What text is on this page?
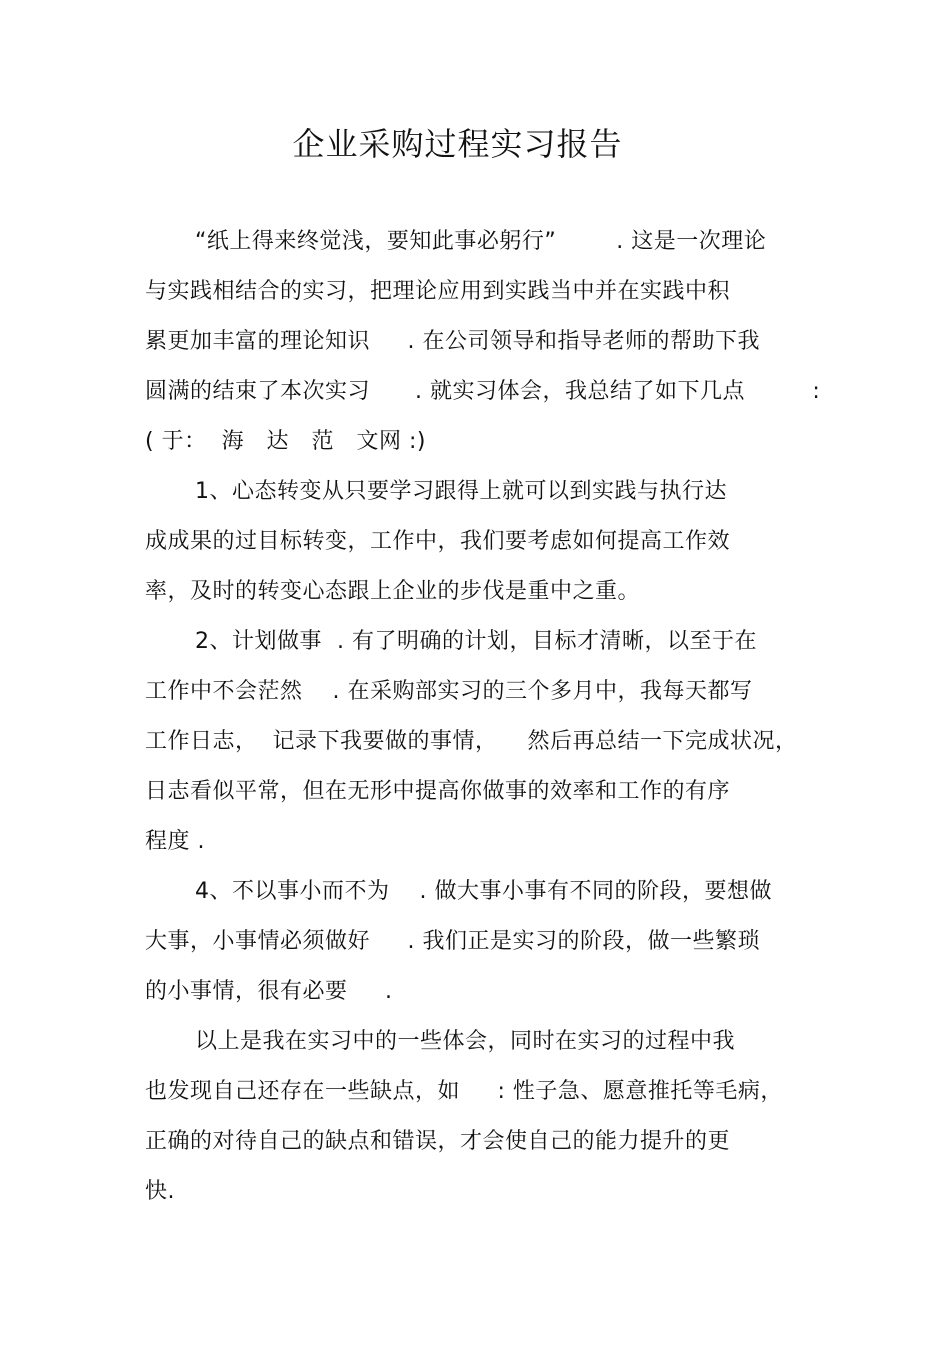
企业采购过程实习报告
“纸上得来终觉浅，要知此事必躬行”        . 这是一次理论
与实践相结合的实习，把理论应用到实践当中并在实践中积
累更加丰富的理论知识     . 在公司领导和指导老师的帮助下我
圆满的结束了本次实习      . 就实习体会，我总结了如下几点         :
( 于：  海   达   范   文网 :)
1、心态转变从只要学习跟得上就可以到实践与执行达
成成果的过目标转变，工作中，我们要考虑如何提高工作效
率，及时的转变心态跟上企业的步伐是重中之重。
2、计划做事  . 有了明确的计划，目标才清晰，以至于在
工作中不会茫然    . 在采购部实习的三个多月中，我每天都写
工作日志，  记录下我要做的事情，    然后再总结一下完成状况，
日志看似平常，但在无形中提高你做事的效率和工作的有序
程度 .
4、不以事小而不为    . 做大事小事有不同的阶段，要想做
大事，小事情必须做好     . 我们正是实习的阶段，做一些繁琐
的小事情，很有必要     .
以上是我在实习中的一些体会，同时在实习的过程中我
也发现自己还存在一些缺点，如     : 性子急、愿意推托等毛病，
正确的对待自己的缺点和错误，才会使自己的能力提升的更
快.
